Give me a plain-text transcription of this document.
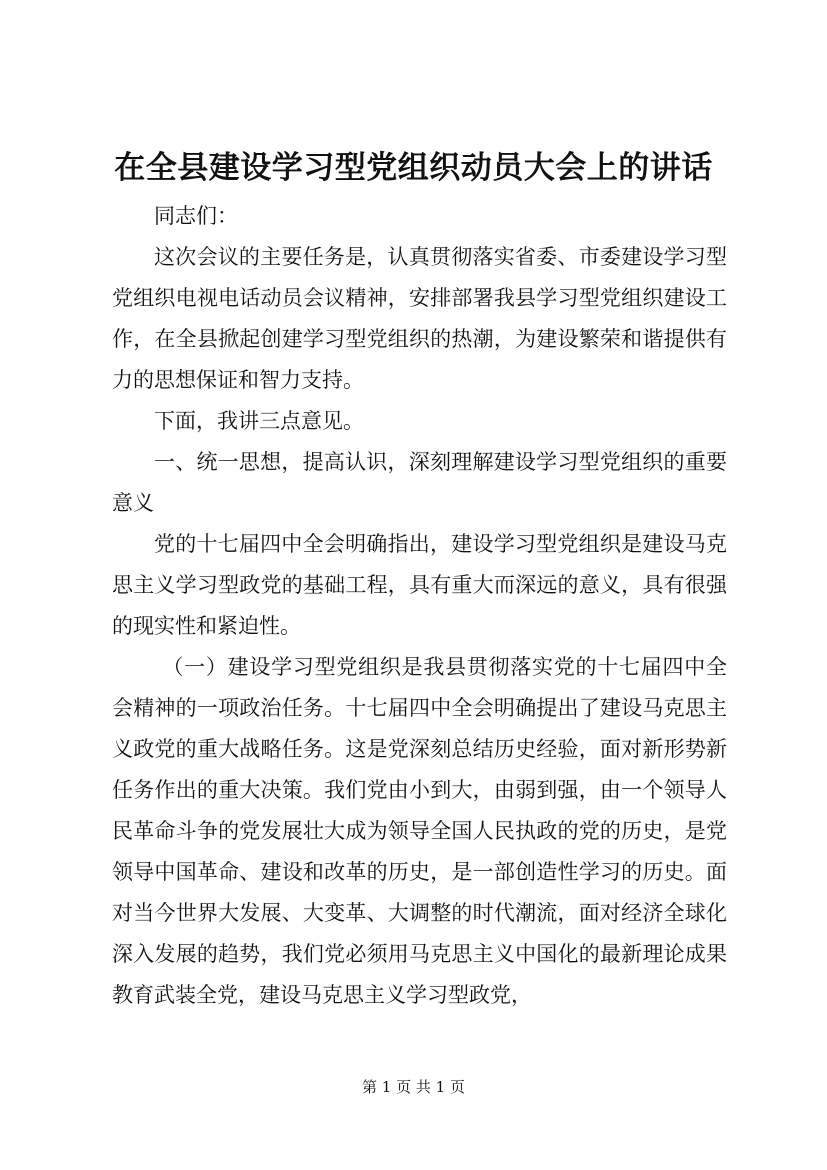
在全县建设学习型党组织动员大会上的讲话

同志们：

这次会议的主要任务是，认真贯彻落实省委、市委建设学习型党组织电视电话动员会议精神，安排部署我县学习型党组织建设工作，在全县掀起创建学习型党组织的热潮，为建设繁荣和谐提供有力的思想保证和智力支持。

下面，我讲三点意见。

一、统一思想，提高认识，深刻理解建设学习型党组织的重要意义

党的十七届四中全会明确指出，建设学习型党组织是建设马克思主义学习型政党的基础工程，具有重大而深远的意义，具有很强的现实性和紧迫性。

（一）建设学习型党组织是我县贯彻落实党的十七届四中全会精神的一项政治任务。十七届四中全会明确提出了建设马克思主义政党的重大战略任务。这是党深刻总结历史经验，面对新形势新任务作出的重大决策。我们党由小到大，由弱到强，由一个领导人民革命斗争的党发展壮大成为领导全国人民执政的党的历史，是党领导中国革命、建设和改革的历史，是一部创造性学习的历史。面对当今世界大发展、大变革、大调整的时代潮流，面对经济全球化深入发展的趋势，我们党必须用马克思主义中国化的最新理论成果教育武装全党，建设马克思主义学习型政党，

第 1 页 共 1 页
